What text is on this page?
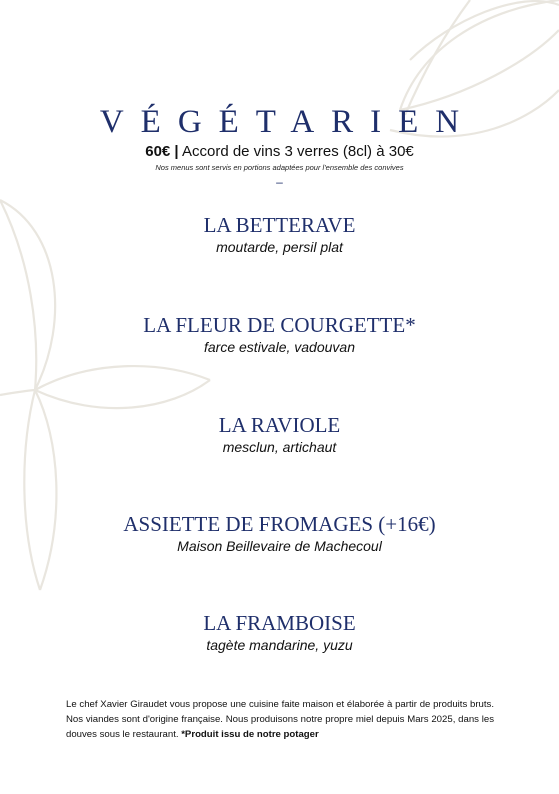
VÉGÉTARIEN
60€ | Accord de vins 3 verres (8cl) à 30€
Nos menus sont servis en portions adaptées pour l'ensemble des convives
–
LA BETTERAVE
moutarde, persil plat
LA FLEUR DE COURGETTE*
farce estivale, vadouvan
LA RAVIOLE
mesclun, artichaut
ASSIETTE DE FROMAGES (+16€)
Maison Beillevaire de Machecoul
LA FRAMBOISE
tagète mandarine, yuzu
Le chef Xavier Giraudet vous propose une cuisine faite maison et élaborée à partir de produits bruts. Nos viandes sont d'origine française. Nous produisons notre propre miel depuis Mars 2025, dans les douves sous le restaurant. *Produit issu de notre potager
